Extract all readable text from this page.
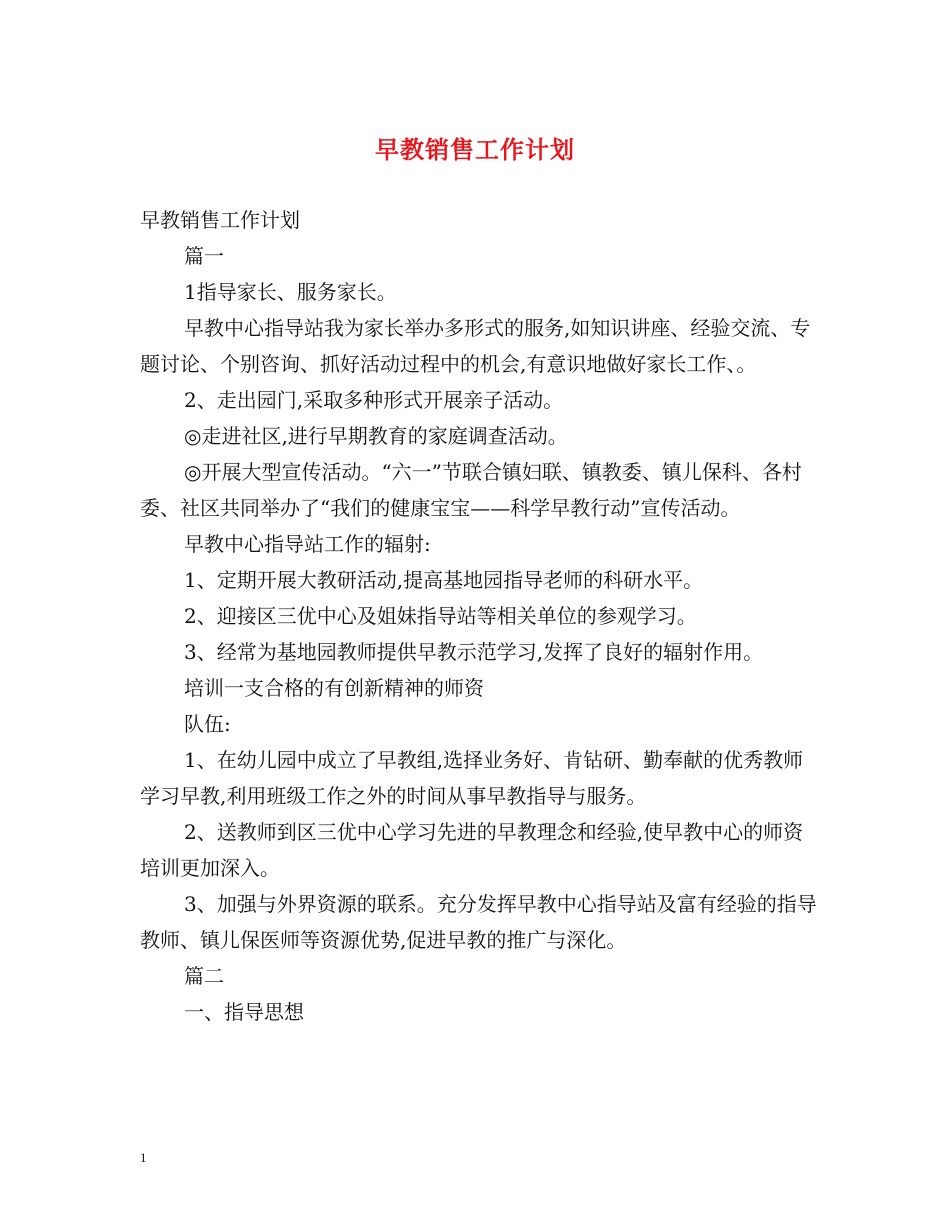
早教销售工作计划

早教销售工作计划

篇一

1指导家长、服务家长。

早教中心指导站我为家长举办多形式的服务,如知识讲座、经验交流、专题讨论、个别咨询、抓好活动过程中的机会,有意识地做好家长工作、。

2、走出园门,采取多种形式开展亲子活动。

◎走进社区,进行早期教育的家庭调查活动。

◎开展大型宣传活动。“六一”节联合镇妇联、镇教委、镇儿保科、各村委、社区共同举办了“我们的健康宝宝——科学早教行动”宣传活动。

早教中心指导站工作的辐射:

1、定期开展大教研活动,提高基地园指导老师的科研水平。

2、迎接区三优中心及姐妹指导站等相关单位的参观学习。

3、经常为基地园教师提供早教示范学习,发挥了良好的辐射作用。

培训一支合格的有创新精神的师资

队伍:

1、在幼儿园中成立了早教组,选择业务好、肯钻研、勤奉献的优秀教师学习早教,利用班级工作之外的时间从事早教指导与服务。

2、送教师到区三优中心学习先进的早教理念和经验,使早教中心的师资培训更加深入。

3、加强与外界资源的联系。充分发挥早教中心指导站及富有经验的指导教师、镇儿保医师等资源优势,促进早教的推广与深化。

篇二

一、指导思想

1
